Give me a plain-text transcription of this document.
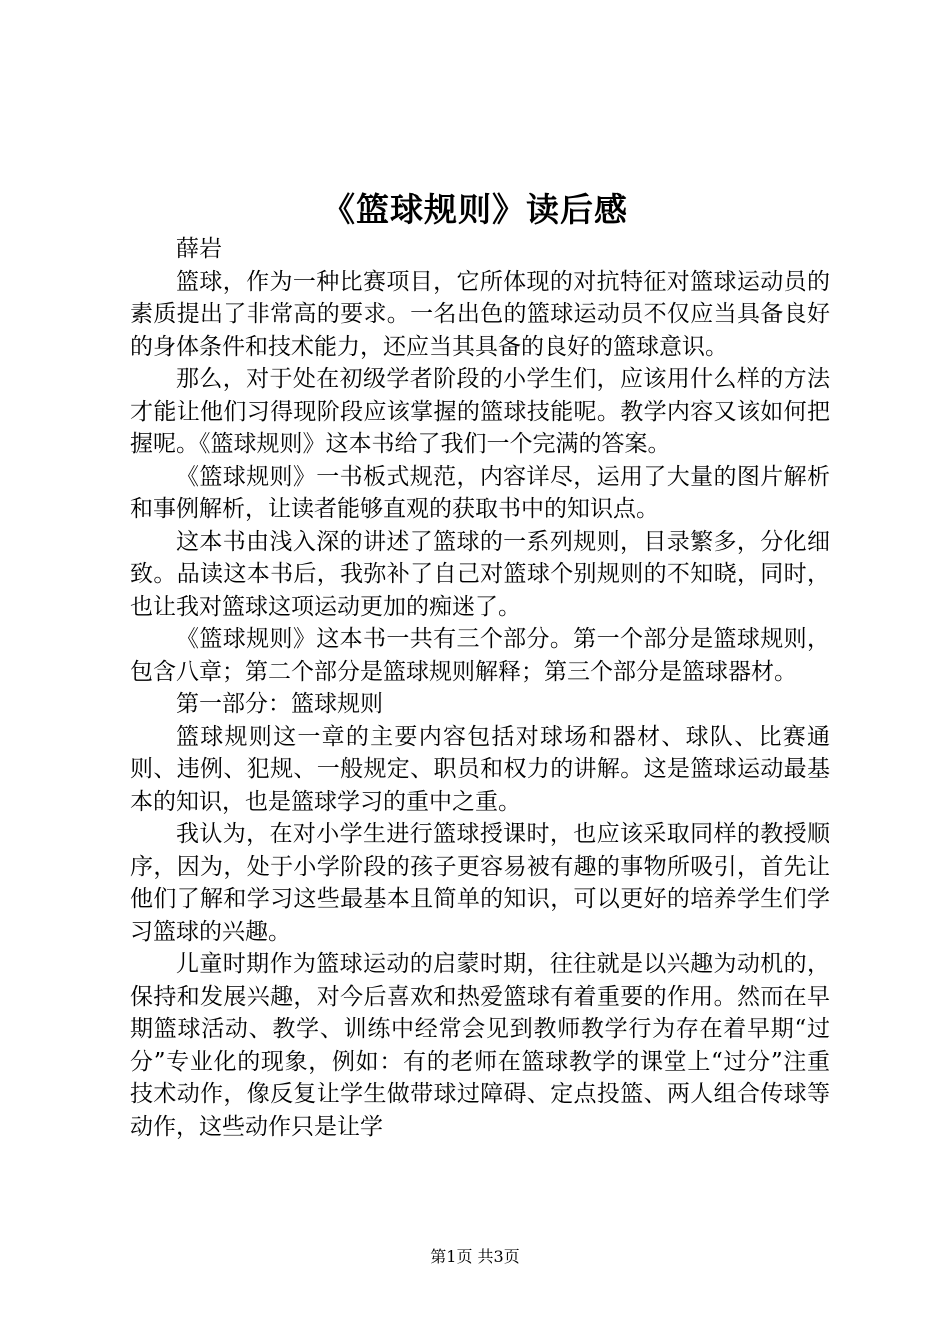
《篮球规则》读后感

薛岩

篮球，作为一种比赛项目，它所体现的对抗特征对篮球运动员的素质提出了非常高的要求。一名出色的篮球运动员不仅应当具备良好的身体条件和技术能力，还应当其具备的良好的篮球意识。

那么，对于处在初级学者阶段的小学生们，应该用什么样的方法才能让他们习得现阶段应该掌握的篮球技能呢。教学内容又该如何把握呢。《篮球规则》这本书给了我们一个完满的答案。

《篮球规则》一书板式规范，内容详尽，运用了大量的图片解析和事例解析，让读者能够直观的获取书中的知识点。

这本书由浅入深的讲述了篮球的一系列规则，目录繁多，分化细致。品读这本书后，我弥补了自己对篮球个别规则的不知晓，同时，也让我对篮球这项运动更加的痴迷了。

《篮球规则》这本书一共有三个部分。第一个部分是篮球规则，包含八章；第二个部分是篮球规则解释；第三个部分是篮球器材。

第一部分：篮球规则

篮球规则这一章的主要内容包括对球场和器材、球队、比赛通则、违例、犯规、一般规定、职员和权力的讲解。这是篮球运动最基本的知识，也是篮球学习的重中之重。

我认为，在对小学生进行篮球授课时，也应该采取同样的教授顺序，因为，处于小学阶段的孩子更容易被有趣的事物所吸引，首先让他们了解和学习这些最基本且简单的知识，可以更好的培养学生们学习篮球的兴趣。

儿童时期作为篮球运动的启蒙时期，往往就是以兴趣为动机的，保持和发展兴趣，对今后喜欢和热爱篮球有着重要的作用。然而在早期篮球活动、教学、训练中经常会见到教师教学行为存在着早期“过分”专业化的现象，例如：有的老师在篮球教学的课堂上“过分”注重技术动作，像反复让学生做带球过障碍、定点投篮、两人组合传球等动作，这些动作只是让学

第1页 共3页
